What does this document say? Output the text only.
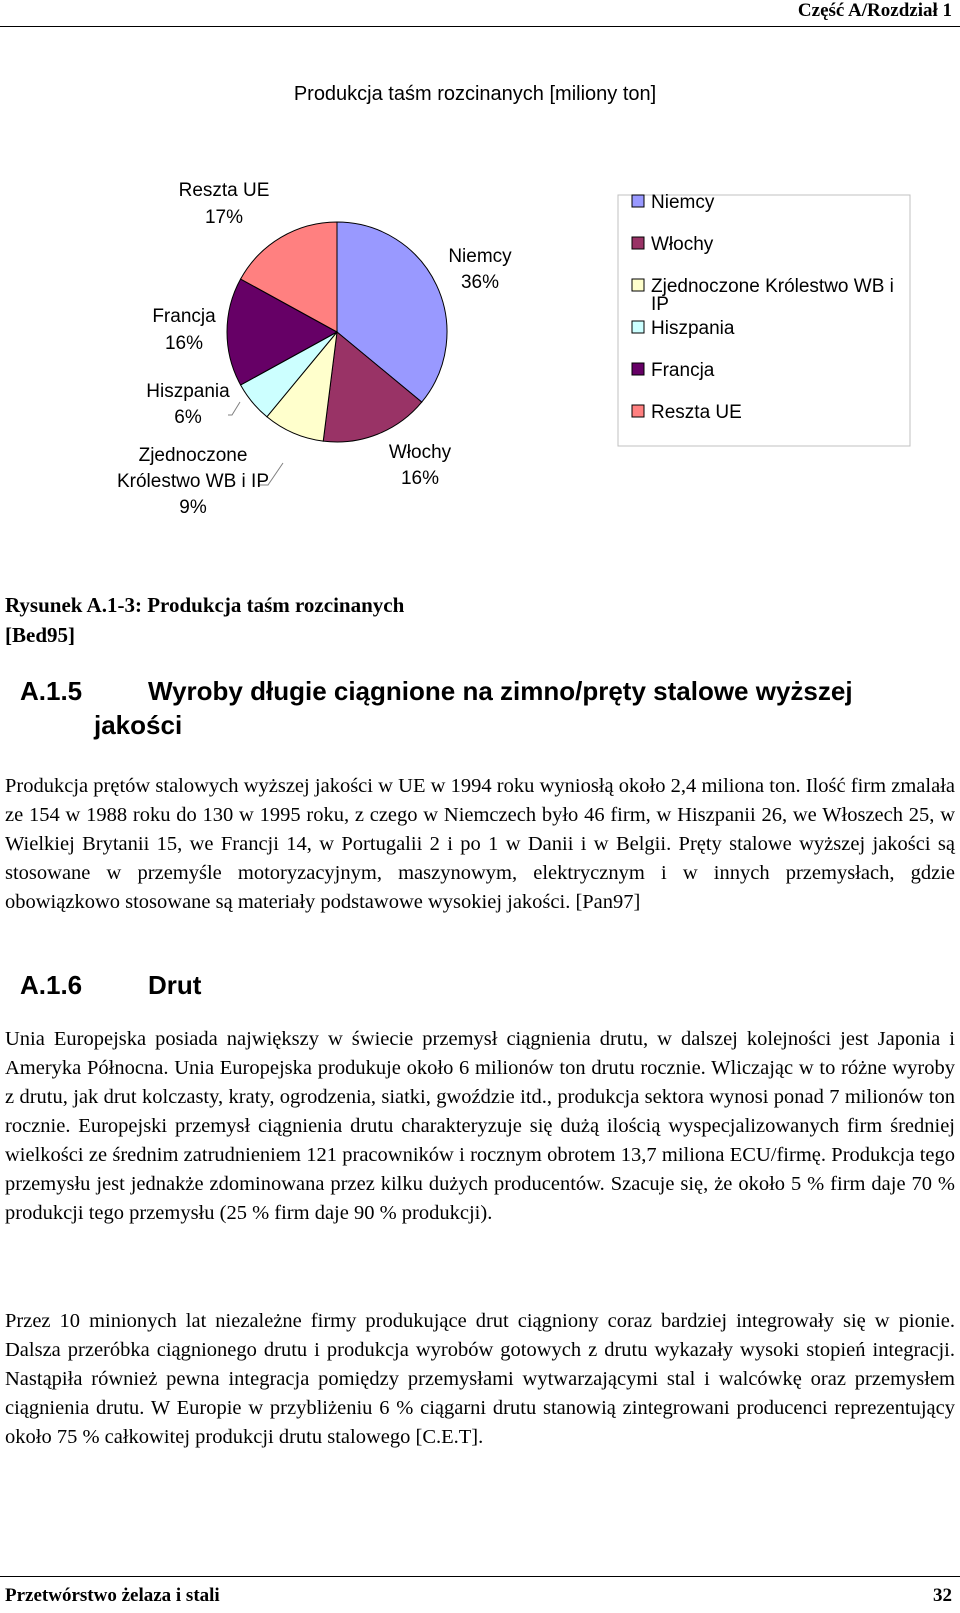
Część A/Rozdział 1
Produkcja taśm rozcinanych [miliony ton]
Niemcy
36%
Włochy
16%
Zjednoczone
Królestwo WB i IP
9%
Hiszpania
6%
Francja
16%
Reszta UE
17%
Niemcy
Włochy
Zjednoczone Królestwo WB i IP
Hiszpania
Francja
Reszta UE
Rysunek A.1-3: Produkcja taśm rozcinanych
[Bed95]
A.1.5	Wyroby długie ciągnione na zimno/pręty stalowe wyższej
jakości
Produkcja prętów stalowych wyższej jakości w UE w 1994 roku wyniosłą około 2,4 miliona ton. Ilość firm zmalała ze 154 w 1988 roku do 130 w 1995 roku, z czego w Niemczech było 46 firm, w Hiszpanii 26, we Włoszech 25, w Wielkiej Brytanii 15, we Francji 14, w Portugalii 2 i po 1 w Danii i w Belgii. Pręty stalowe wyższej jakości są stosowane w przemyśle motoryzacyjnym, maszynowym, elektrycznym i w innych przemysłach, gdzie obowiązkowo stosowane są materiały podstawowe wysokiej jakości. [Pan97]
A.1.6	Drut
Unia Europejska posiada największy w świecie przemysł ciągnienia drutu, w dalszej kolejności jest Japonia i Ameryka Północna. Unia Europejska produkuje około 6 milionów ton drutu rocznie. Wliczając w to różne wyroby z drutu, jak drut kolczasty, kraty, ogrodzenia, siatki, gwoździe itd., produkcja sektora wynosi ponad 7 milionów ton rocznie. Europejski przemysł ciągnienia drutu charakteryzuje się dużą ilością wyspecjalizowanych firm średniej wielkości ze średnim zatrudnieniem 121 pracowników i rocznym obrotem 13,7 miliona ECU/firmę. Produkcja tego przemysłu jest jednakże zdominowana przez kilku dużych producentów. Szacuje się, że około 5 % firm daje 70 % produkcji tego przemysłu (25 % firm daje 90 % produkcji).
Przez 10 minionych lat niezależne firmy produkujące drut ciągniony coraz bardziej integrowały się w pionie. Dalsza przeróbka ciągnionego drutu i produkcja wyrobów gotowych z drutu wykazały wysoki stopień integracji. Nastąpiła również pewna integracja pomiędzy przemysłami wytwarzającymi stal i walcówkę oraz przemysłem ciągnienia drutu. W Europie w przybliżeniu 6 % ciągarni drutu stanowią zintegrowani producenci reprezentujący około 75 % całkowitej produkcji drutu stalowego [C.E.T].
Przetwórstwo żelaza i stali	32
